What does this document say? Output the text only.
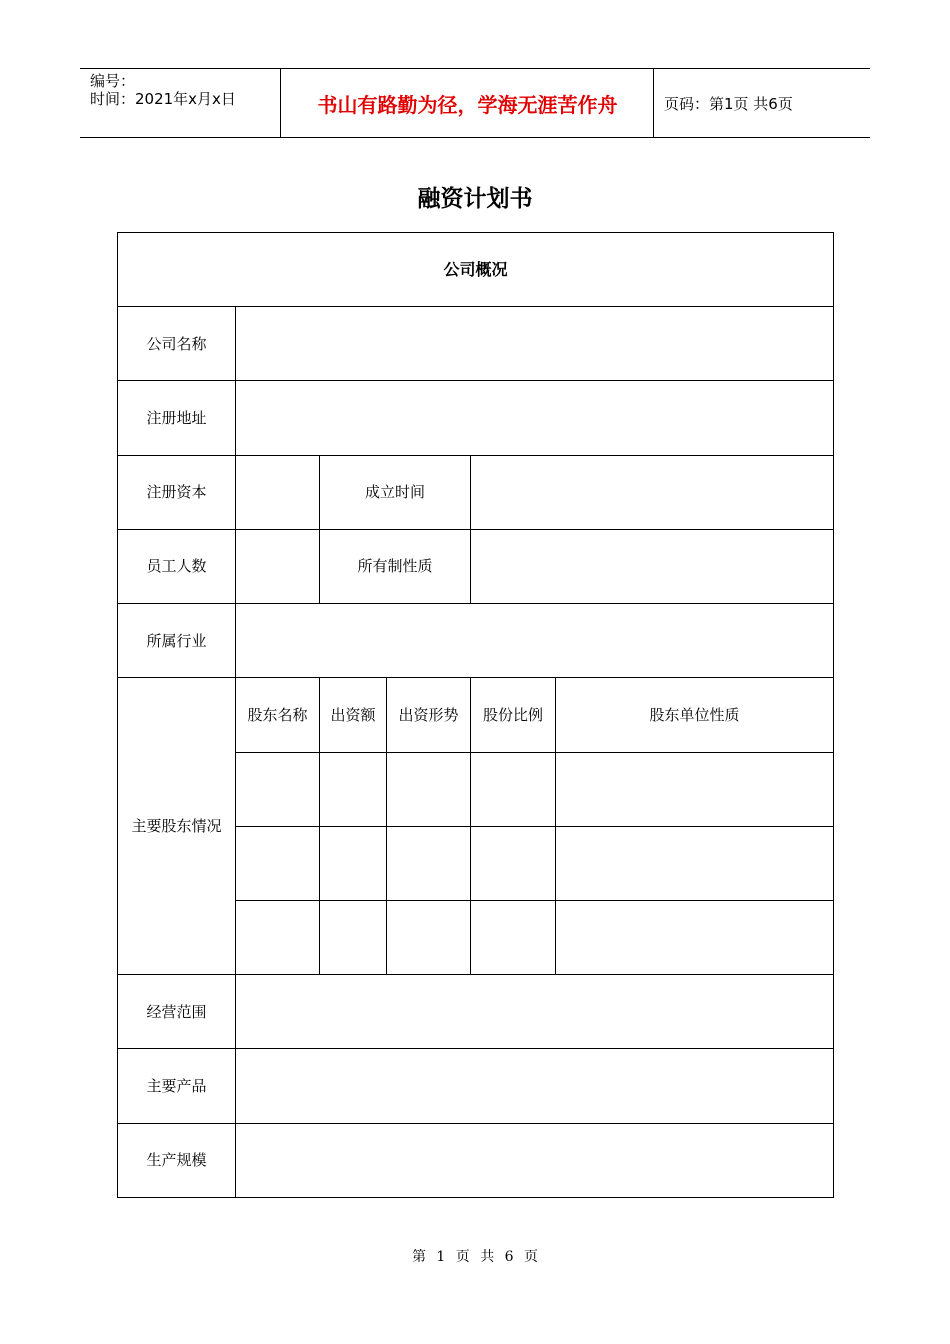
编号：
时间：2021年x月x日	书山有路勤为径，学海无涯苦作舟	页码：第1页 共6页
融资计划书
公司概况					
公司名称					
注册地址					
注册资本		成立时间			
员工人数		所有制性质			
所属行业					
主要股东情况	股东名称	出资额	出资形势	股份比例	股东单位性质

经营范围					
主要产品					
生产规模					
第 1 页 共 6 页
